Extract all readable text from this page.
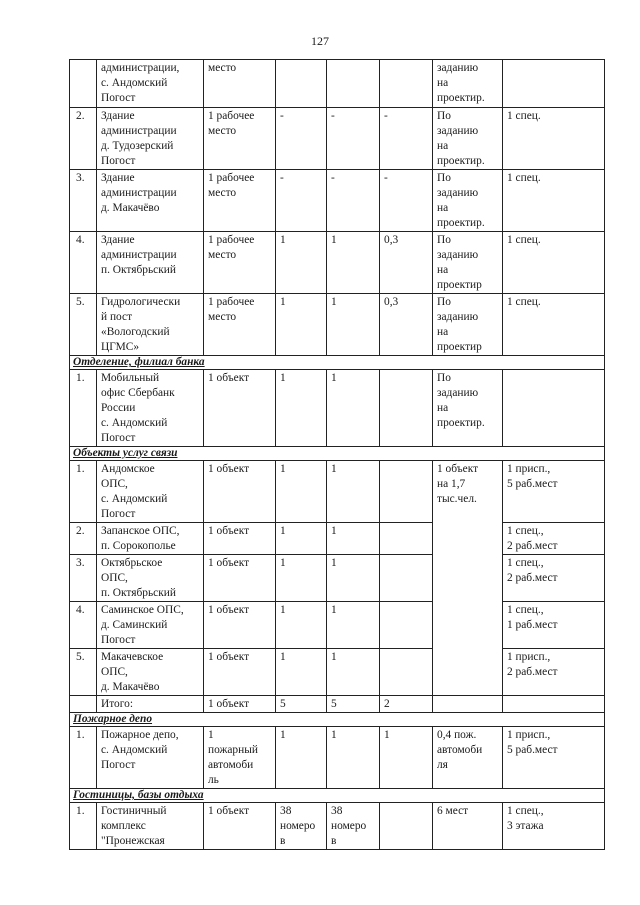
127
	администрации,
с. Андомский
Погост	место				заданию
на
проектир.	
2.	Здание
администрации
д. Тудозерский
Погост	1 рабочее
место	-	-	-	По
заданию
на
проектир.	1 спец.
3.	Здание
администрации
д. Макачёво	1 рабочее
место	-	-	-	По
заданию
на
проектир.	1 спец.
4.	Здание
администрации
п. Октябрьский	1 рабочее
место	1	1	0,3	По
заданию
на
проектир	1 спец.
5.	Гидрологически
й пост
«Вологодский
ЦГМС»	1 рабочее
место	1	1	0,3	По
заданию
на
проектир	1 спец.
Отделение, филиал банка							
1.	Мобильный
офис Сбербанк
России
с. Андомский
Погост	1 объект	1	1		По
заданию
на
проектир.	
Объекты услуг связи							
1.	Андомское
ОПС,
с. Андомский
Погост	1 объект	1	1		1 объект
на 1,7
тыс.чел.	1 присп.,
5 раб.мест
2.	Запанское ОПС,
п. Сорокополье	1 объект	1	1			1 спец.,
2 раб.мест
3.	Октябрьское
ОПС,
п. Октябрьский	1 объект	1	1			1 спец.,
2 раб.мест
4.	Саминское ОПС,
д. Саминский
Погост	1 объект	1	1			1 спец.,
1 раб.мест
5.	Макачевское
ОПС,
д. Макачёво	1 объект	1	1			1 присп.,
2 раб.мест
	Итого:	1 объект	5	5	2		
Пожарное депо							
1.	Пожарное депо,
с. Андомский
Погост	1
пожарный
автомоби
ль	1	1	1	0,4 пож.
автомоби
ля	1 присп.,
5 раб.мест
Гостиницы, базы отдыха							
1.	Гостиничный
комплекс
"Пронежская	1 объект	38
номеро
в	38
номеро
в		6 мест	1 спец.,
3 этажа
